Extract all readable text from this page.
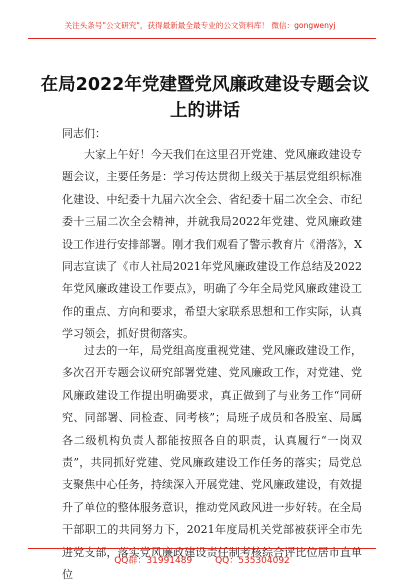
关注头条号"公文研究"，获得最新最全最专业的公文资料库！ 微信：gongwenyj
在局2022年党建暨党风廉政建设专题会议上的讲话
同志们：
大家上午好！今天我们在这里召开党建、党风廉政建设专题会议，主要任务是：学习传达贯彻上级关于基层党组织标准化建设、中纪委十九届六次全会、省纪委十届二次全会、市纪委十三届二次全会精神，并就我局2022年党建、党风廉政建设工作进行安排部署。刚才我们观看了警示教育片《滑落》，X同志宣读了《市人社局2021年党风廉政建设工作总结及2022年党风廉政建设工作要点》，明确了今年全局党风廉政建设工作的重点、方向和要求，希望大家联系思想和工作实际，认真学习领会，抓好贯彻落实。
过去的一年，局党组高度重视党建、党风廉政建设工作，多次召开专题会议研究部署党建、党风廉政工作，对党建、党风廉政建设工作提出明确要求，真正做到了与业务工作“同研究、同部署、同检查、同考核”；局班子成员和各股室、局属各二级机构负责人都能按照各自的职责，认真履行“一岗双责”，共同抓好党建、党风廉政建设工作任务的落实；局党总支聚焦中心任务，持续深入开展党建、党风廉政建设，有效提升了单位的整体服务意识，推动党风政风进一步好转。在全局干部职工的共同努力下，2021年度局机关党部被获评全市先进党支部，落实党风廉政建设责任制考核综合评比位居市直单位
QQ群：31991489	QQ：535304092
